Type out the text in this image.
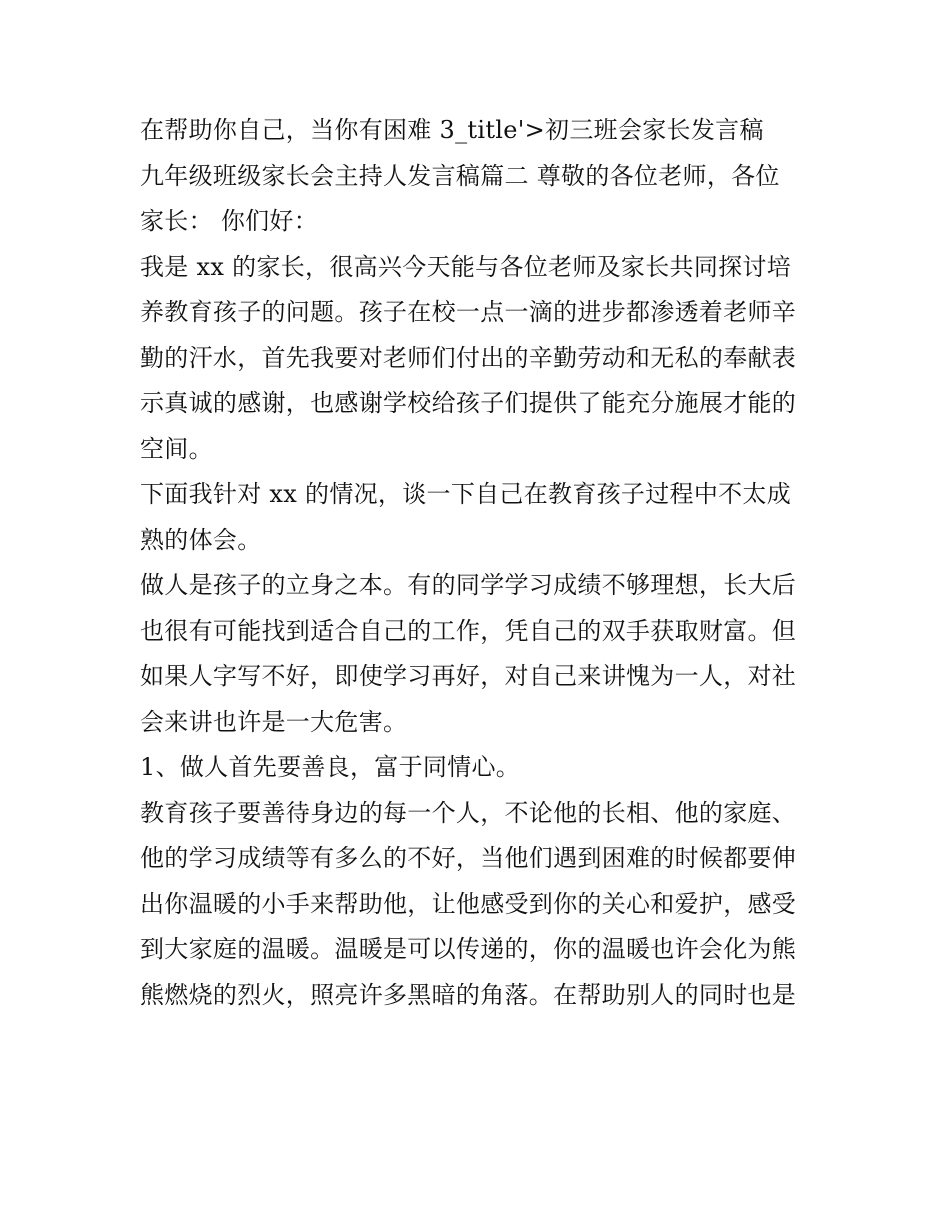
在帮助你自己，当你有困难 3_title'>初三班会家长发言稿
九年级班级家长会主持人发言稿篇二 尊敬的各位老师，各位
家长： 你们好：
我是 xx 的家长，很高兴今天能与各位老师及家长共同探讨培
养教育孩子的问题。孩子在校一点一滴的进步都渗透着老师辛
勤的汗水，首先我要对老师们付出的辛勤劳动和无私的奉献表
示真诚的感谢，也感谢学校给孩子们提供了能充分施展才能的
空间。
下面我针对 xx 的情况，谈一下自己在教育孩子过程中不太成
熟的体会。
做人是孩子的立身之本。有的同学学习成绩不够理想，长大后
也很有可能找到适合自己的工作，凭自己的双手获取财富。但
如果人字写不好，即使学习再好，对自己来讲愧为一人，对社
会来讲也许是一大危害。
1、做人首先要善良，富于同情心。
教育孩子要善待身边的每一个人，不论他的长相、他的家庭、
他的学习成绩等有多么的不好，当他们遇到困难的时候都要伸
出你温暖的小手来帮助他，让他感受到你的关心和爱护，感受
到大家庭的温暖。温暖是可以传递的，你的温暖也许会化为熊
熊燃烧的烈火，照亮许多黑暗的角落。在帮助别人的同时也是
